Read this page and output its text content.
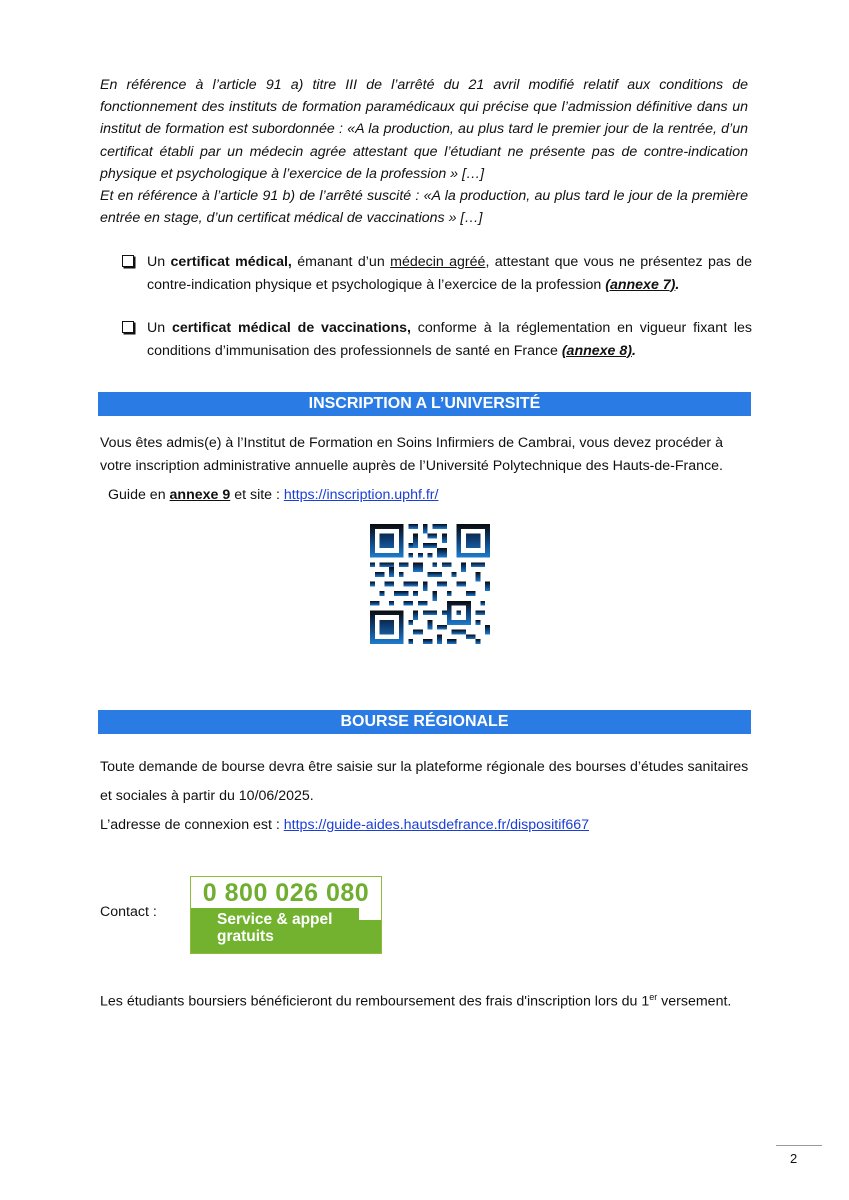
En référence à l’article 91 a) titre III de l’arrêté du 21 avril modifié relatif aux conditions de fonctionnement des instituts de formation paramédicaux qui précise que l’admission définitive dans un institut de formation est subordonnée : «A la production, au plus tard le premier jour de la rentrée, d’un certificat établi par un médecin agrée attestant que l’étudiant ne présente pas de contre-indication physique et psychologique à l’exercice de la profession » […]
Et en référence à l’article 91 b) de l’arrêté suscité : «A la production, au plus tard le jour de la première entrée en stage, d’un certificat médical de vaccinations » […]
Un certificat médical, émanant d’un médecin agréé, attestant que vous ne présentez pas de contre-indication physique et psychologique à l’exercice de la profession (annexe 7).
Un certificat médical de vaccinations, conforme à la réglementation en vigueur fixant les conditions d’immunisation des professionnels de santé en France (annexe 8).
INSCRIPTION A L’UNIVERSITÉ
Vous êtes admis(e) à l’Institut de Formation en Soins Infirmiers de Cambrai, vous devez procéder à votre inscription administrative annuelle auprès de l’Université Polytechnique des Hauts-de-France.
Guide en annexe 9 et site : https://inscription.uphf.fr/
BOURSE RÉGIONALE
Toute demande de bourse devra être saisie sur la plateforme régionale des bourses d’études sanitaires
et sociales à partir du 10/06/2025.
L’adresse de connexion est : https://guide-aides.hautsdefrance.fr/dispositif667
Contact :
0 800 026 080
Service & appel
gratuits
Les étudiants boursiers bénéficieront du remboursement des frais d'inscription lors du 1er versement.
2
